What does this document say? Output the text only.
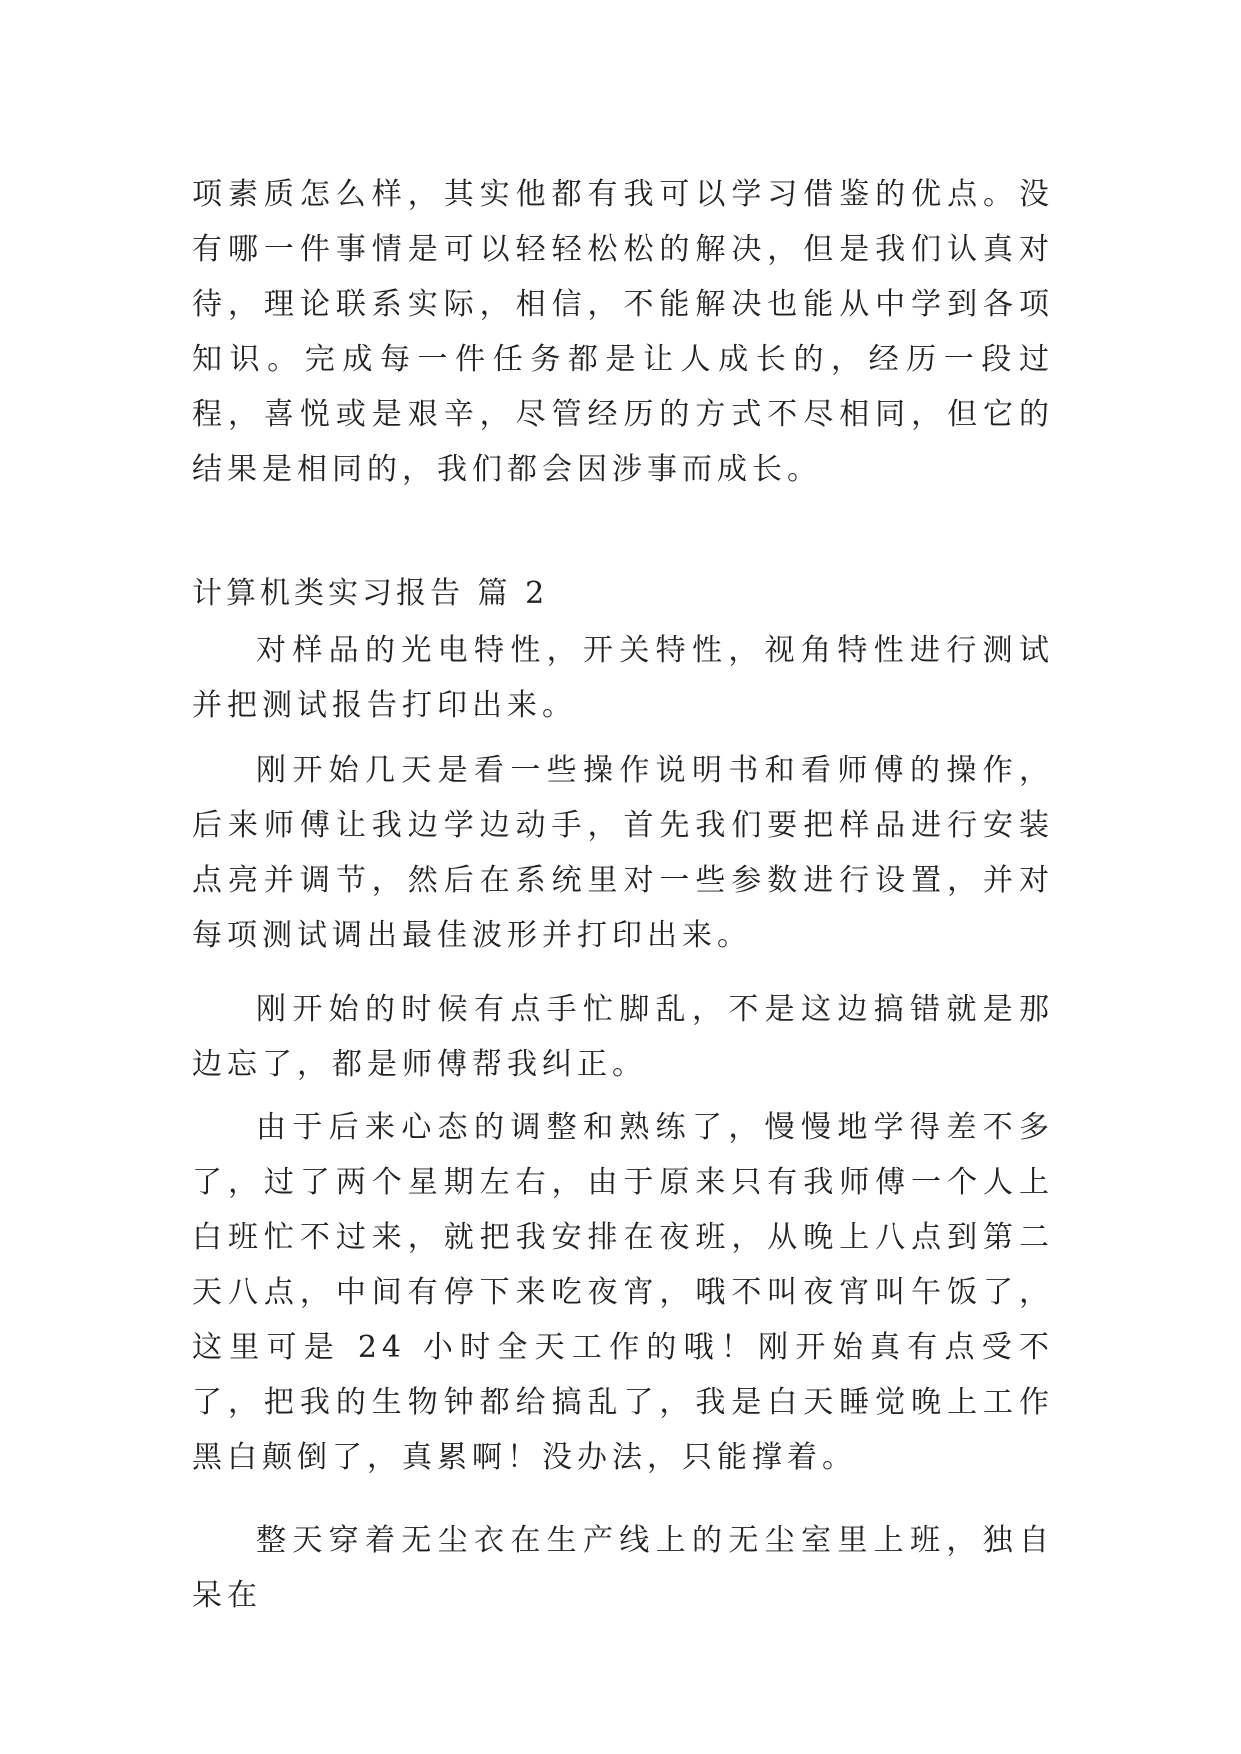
项素质怎么样，其实他都有我可以学习借鉴的优点。没有哪一件事情是可以轻轻松松的解决，但是我们认真对待，理论联系实际，相信，不能解决也能从中学到各项知识。完成每一件任务都是让人成长的，经历一段过程，喜悦或是艰辛，尽管经历的方式不尽相同，但它的结果是相同的，我们都会因涉事而成长。

计算机类实习报告 篇 2

对样品的光电特性，开关特性，视角特性进行测试并把测试报告打印出来。

刚开始几天是看一些操作说明书和看师傅的操作，后来师傅让我边学边动手，首先我们要把样品进行安装点亮并调节，然后在系统里对一些参数进行设置，并对每项测试调出最佳波形并打印出来。

刚开始的时候有点手忙脚乱，不是这边搞错就是那边忘了，都是师傅帮我纠正。

由于后来心态的调整和熟练了，慢慢地学得差不多了，过了两个星期左右，由于原来只有我师傅一个人上白班忙不过来，就把我安排在夜班，从晚上八点到第二天八点，中间有停下来吃夜宵，哦不叫夜宵叫午饭了，这里可是 24 小时全天工作的哦！刚开始真有点受不了，把我的生物钟都给搞乱了，我是白天睡觉晚上工作黑白颠倒了，真累啊！没办法，只能撑着。

整天穿着无尘衣在生产线上的无尘室里上班，独自呆在
